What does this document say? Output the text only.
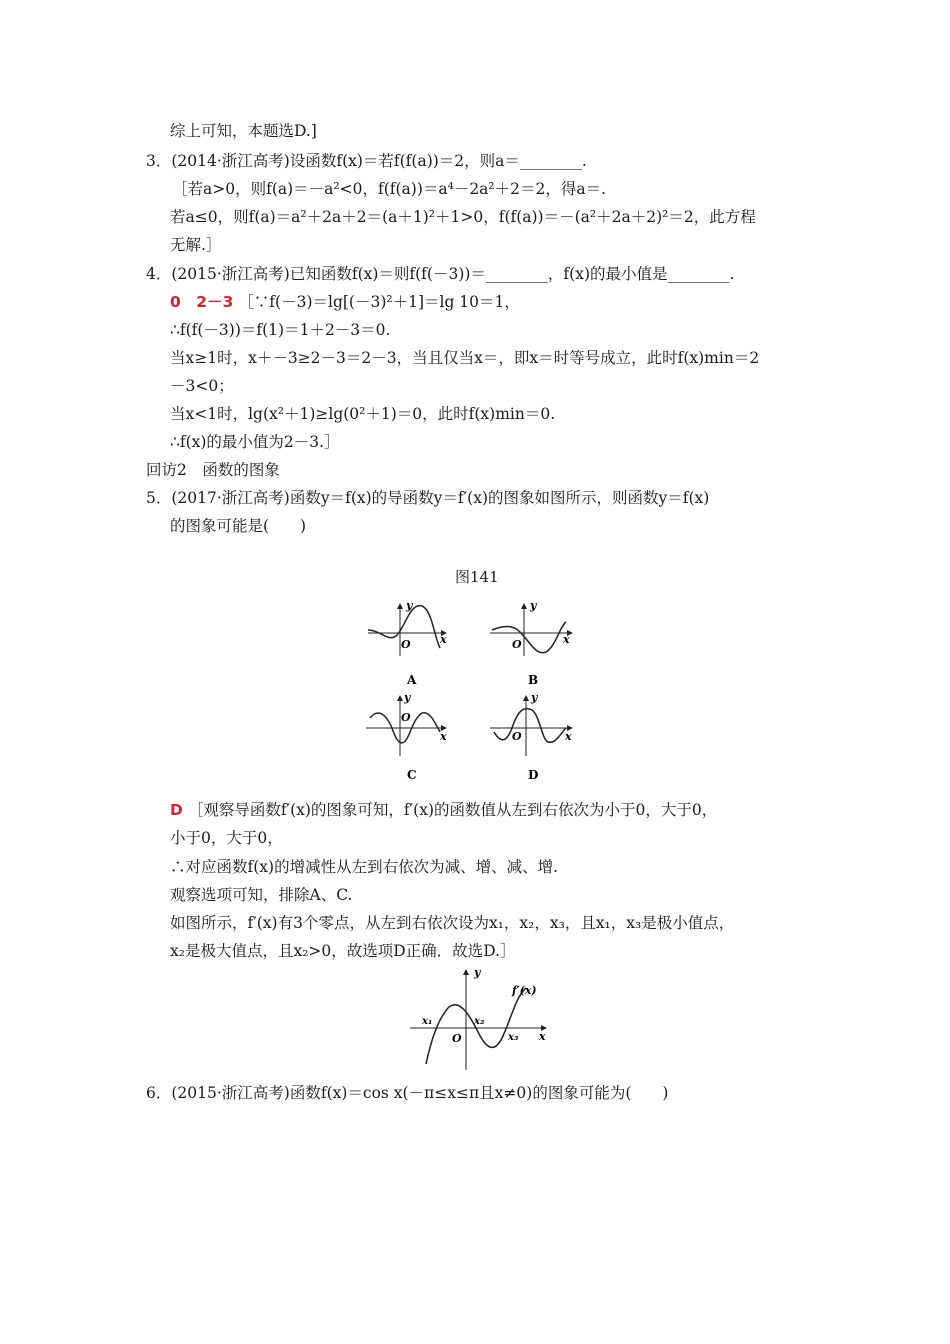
综上可知，本题选D.]
3．(2014·浙江高考)设函数f(x)＝若f(f(a))＝2，则a＝________.
［若a>0，则f(a)＝－a²<0，f(f(a))＝a⁴－2a²＋2＝2，得a＝.
若a≤0，则f(a)＝a²＋2a＋2＝(a＋1)²＋1>0，f(f(a))＝－(a²＋2a＋2)²＝2，此方程
无解.］
4．(2015·浙江高考)已知函数f(x)＝则f(f(－3))＝________，f(x)的最小值是________.
0　2－3 ［∵f(－3)＝lg[(－3)²＋1]＝lg 10＝1，
∴f(f(－3))＝f(1)＝1＋2－3＝0.
当x≥1时，x＋－3≥2－3＝2－3，当且仅当x＝，即x＝时等号成立，此时f(x)min＝2
－3<0；
当x<1时，lg(x²＋1)≥lg(0²＋1)＝0，此时f(x)min＝0.
∴f(x)的最小值为2－3.］
回访2　函数的图象
5．(2017·浙江高考)函数y＝f(x)的导函数y＝f′(x)的图象如图所示，则函数y＝f(x)
的图象可能是(　　)
图141
y
x
O
A
y
x
O
B
y
x
O
C
y
x
O
D
D ［观察导函数f′(x)的图象可知，f′(x)的函数值从左到右依次为小于0，大于0，
小于0，大于0，
∴对应函数f(x)的增减性从左到右依次为减、增、减、增.
观察选项可知，排除A、C.
如图所示，f′(x)有3个零点，从左到右依次设为x₁，x₂，x₃，且x₁，x₃是极小值点，
x₂是极大值点，且x₂>0，故选项D正确．故选D.］
y
x
O
x₁	x₂
x₃
f′(x)
6．(2015·浙江高考)函数f(x)＝cos x(－π≤x≤π且x≠0)的图象可能为(　　)
